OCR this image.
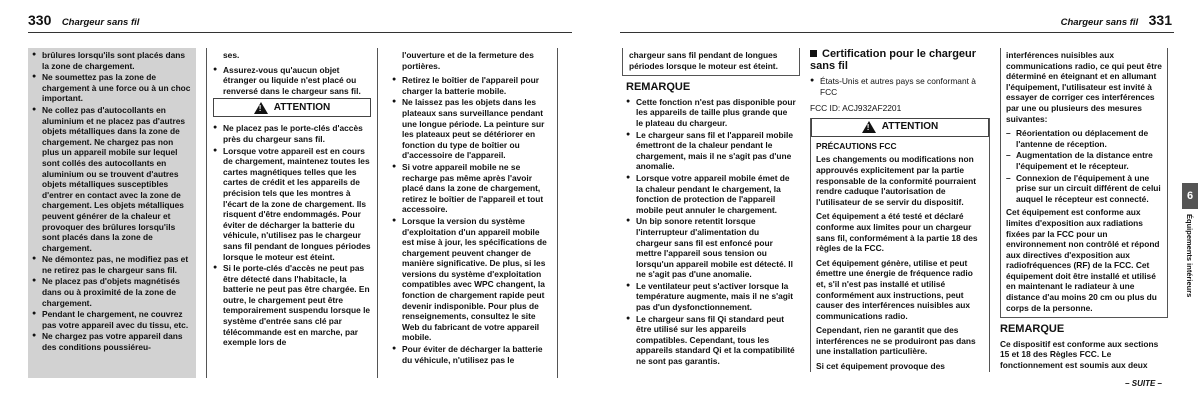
330 Chargeur sans fil
● brûlures lorsqu'ils sont placés dans la zone de chargement.
● Ne soumettez pas la zone de chargement à une force ou à un choc important.
● Ne collez pas d'autocollants en aluminium et ne placez pas d'autres objets métalliques dans la zone de chargement. Ne chargez pas non plus un appareil mobile sur lequel sont collés des autocollants en aluminium ou se trouvent d'autres objets métalliques susceptibles d'entrer en contact avec la zone de chargement. Les objets métalliques peuvent générer de la chaleur et provoquer des brûlures lorsqu'ils sont placés dans la zone de chargement.
● Ne démontez pas, ne modifiez pas et ne retirez pas le chargeur sans fil.
● Ne placez pas d'objets magnétisés dans ou à proximité de la zone de chargement.
● Pendant le chargement, ne couvrez pas votre appareil avec du tissu, etc.
● Ne chargez pas votre appareil dans des conditions poussiéreu-

ses.

● Assurez-vous qu'aucun objet étranger ou liquide n'est placé ou renversé dans le chargeur sans fil.
! ATTENTION
● Ne placez pas le porte-clés d'accès près du chargeur sans fil.
● Lorsque votre appareil est en cours de chargement, maintenez toutes les cartes magnétiques telles que les cartes de crédit et les appareils de précision tels que les montres à l'écart de la zone de chargement. Ils risquent d'être endommagés. Pour éviter de décharger la batterie du véhicule, n'utilisez pas le chargeur sans fil pendant de longues périodes lorsque le moteur est éteint.
● Si le porte-clés d'accès ne peut pas être détecté dans l'habitacle, la batterie ne peut pas être chargée. En outre, le chargement peut être temporairement suspendu lorsque le système d'entrée sans clé par télécommande est en marche, par exemple lors de

l'ouverture et de la fermeture des portières.

● Retirez le boîtier de l'appareil pour charger la batterie mobile.
● Ne laissez pas les objets dans les plateaux sans surveillance pendant une longue période. La peinture sur les plateaux peut se détériorer en fonction du type de boîtier ou d'accessoire de l'appareil.
● Si votre appareil mobile ne se recharge pas même après l'avoir placé dans la zone de chargement, retirez le boîtier de l'appareil et tout accessoire.
● Lorsque la version du système d'exploitation d'un appareil mobile est mise à jour, les spécifications de chargement peuvent changer de manière significative. De plus, si les versions du système d'exploitation compatibles avec WPC changent, la fonction de chargement rapide peut devenir indisponible. Pour plus de renseignements, consultez le site Web du fabricant de votre appareil mobile.
● Pour éviter de décharger la batterie du véhicule, n'utilisez pas le
Chargeur sans fil 331
chargeur sans fil pendant de longues périodes lorsque le moteur est éteint.
REMARQUE
● Cette fonction n'est pas disponible pour les appareils de taille plus grande que le plateau du chargeur.
● Le chargeur sans fil et l'appareil mobile émettront de la chaleur pendant le chargement, mais il ne s'agit pas d'une anomalie.
● Lorsque votre appareil mobile émet de la chaleur pendant le chargement, la fonction de protection de l'appareil mobile peut annuler le chargement.
● Un bip sonore retentit lorsque l'interrupteur d'alimentation du chargeur sans fil est enfoncé pour mettre l'appareil sous tension ou lorsqu'un appareil mobile est détecté. Il ne s'agit pas d'une anomalie.
● Le ventilateur peut s'activer lorsque la température augmente, mais il ne s'agit pas d'un dysfonctionnement.
● Le chargeur sans fil Qi standard peut être utilisé sur les appareils compatibles. Cependant, tous les appareils standard Qi et la compatibilité ne sont pas garantis.
Certification pour le chargeur sans fil
● États-Unis et autres pays se conformant à FCC
FCC ID: ACJ932AF2201
! ATTENTION
PRÉCAUTIONS FCC

Les changements ou modifications non approuvés explicitement par la partie responsable de la conformité pourraient rendre caduque l'autorisation de l'utilisateur de se servir du dispositif.

Cet équipement a été testé et déclaré conforme aux limites pour un chargeur sans fil, conformément à la partie 18 des règles de la FCC.

Cet équipement génère, utilise et peut émettre une énergie de fréquence radio et, s'il n'est pas installé et utilisé conformément aux instructions, peut causer des interférences nuisibles aux communications radio.

Cependant, rien ne garantit que des interférences ne se produiront pas dans une installation particulière.

Si cet équipement provoque des

interférences nuisibles aux communications radio, ce qui peut être déterminé en éteignant et en allumant l'équipement, l'utilisateur est invité à essayer de corriger ces interférences par une ou plusieurs des mesures suivantes:

– Réorientation ou déplacement de l'antenne de réception.
– Augmentation de la distance entre l'équipement et le récepteur.
– Connexion de l'équipement à une prise sur un circuit différent de celui auquel le récepteur est connecté.

Cet équipement est conforme aux limites d'exposition aux radiations fixées par la FCC pour un environnement non contrôlé et répond aux directives d'exposition aux radiofréquences (RF) de la FCC. Cet équipement doit être installé et utilisé en maintenant le radiateur à une distance d'au moins 20 cm ou plus du corps de la personne.

REMARQUE

Ce dispositif est conforme aux sections 15 et 18 des Règles FCC. Le fonctionnement est soumis aux deux

6
Équipements intérieurs
– SUITE –
